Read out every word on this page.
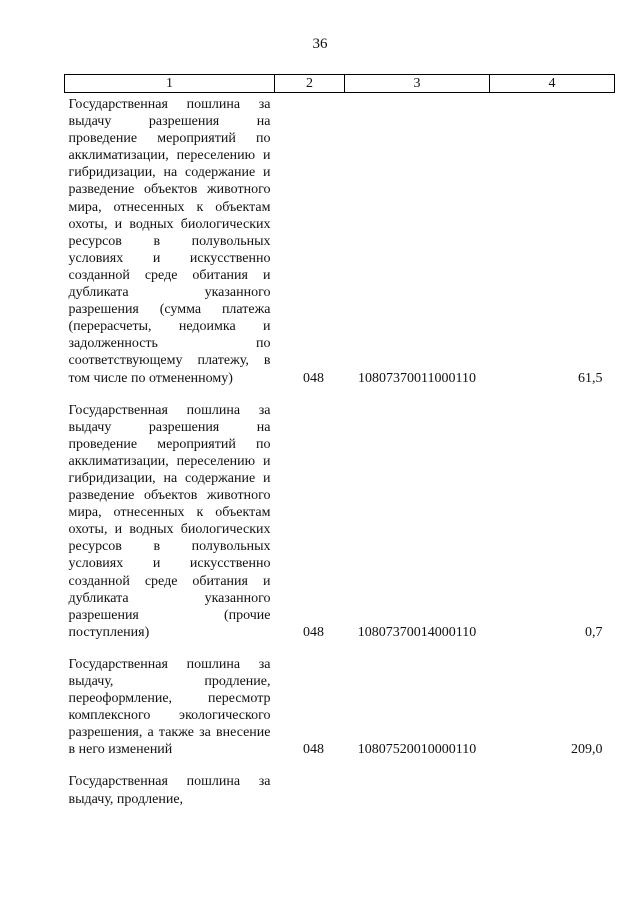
36
1	2	3	4
Государственная пошлина за выдачу разрешения на проведение мероприятий по акклиматизации, переселению и гибридизации, на содержание и разведение объектов животного мира, отнесенных к объектам охоты, и водных биологических ресурсов в полувольных условиях и искусственно созданной среде обитания и дубликата указанного разрешения (сумма платежа (перерасчеты, недоимка и задолженность по соответствующему платежу, в том числе по отмененному)	048	10807370011000110	61,5

Государственная пошлина за выдачу разрешения на проведение мероприятий по акклиматизации, переселению и гибридизации, на содержание и разведение объектов животного мира, отнесенных к объектам охоты, и водных биологических ресурсов в полувольных условиях и искусственно созданной среде обитания и дубликата указанного разрешения (прочие поступления)	048	10807370014000110	0,7

Государственная пошлина за выдачу, продление, переоформление, пересмотр комплексного экологического разрешения, а также за внесение в него изменений	048	10807520010000110	209,0

Государственная пошлина за выдачу, продление,			
